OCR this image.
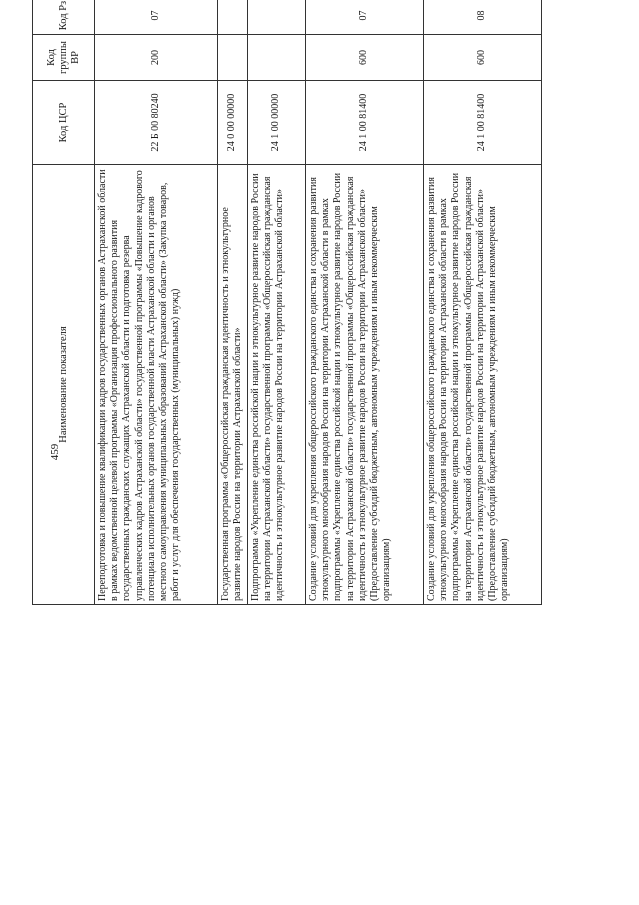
459
Наименование показателя	Код ЦСР	Код группы ВР	Код Рз		
Переподготовка и повышение квалификации кадров государственных органов Астраханской области в рамках ведомственной целевой программы «Организация профессионального развития государственных гражданских служащих Астраханской области и подготовка резерва управленческих кадров Астраханской области» государственной программы «Повышение кадрового потенциала исполнительных органов государственной власти Астраханской области и органов местного самоуправления муниципальных образований Астраханской области» (Закупка товаров, работ и услуг для обеспечения государственных (муниципальных) нужд)	22 Б 00 80240	200	07		
Государственная программа «Общероссийская гражданская идентичность и этнокультурное развитие народов России на территории Астраханской области»	24 0 00 00000				
Подпрограмма «Укрепление единства российской нации и этнокультурное развитие народов России на территории Астраханской области» государственной программы «Общероссийская гражданская идентичность и этнокультурное развитие народов России на территории Астраханской области»	24 1 00 00000				
Создание условий для укрепления общероссийского гражданского единства и сохранения развития этнокультурного многообразия народов России на территории Астраханской области в рамках подпрограммы «Укрепление единства российской нации и этнокультурное развитие народов России на территории Астраханской области» государственной программы «Общероссийская гражданская идентичность и этнокультурное развитие народов России на территории Астраханской области» (Предоставление субсидий бюджетным, автономным учреждениям и иным некоммерческим организациям)	24 1 00 81400	600	07		
Создание условий для укрепления общероссийского гражданского единства и сохранения развития этнокультурного многообразия народов России на территории Астраханской области в рамках подпрограммы «Укрепление единства российской нации и этнокультурное развитие народов России на территории Астраханской области» государственной программы «Общероссийская гражданская идентичность и этнокультурное развитие народов России на территории Астраханской области» (Предоставление субсидий бюджетным, автономным учреждениям и иным некоммерческим организациям)	24 1 00 81400	600	08		
